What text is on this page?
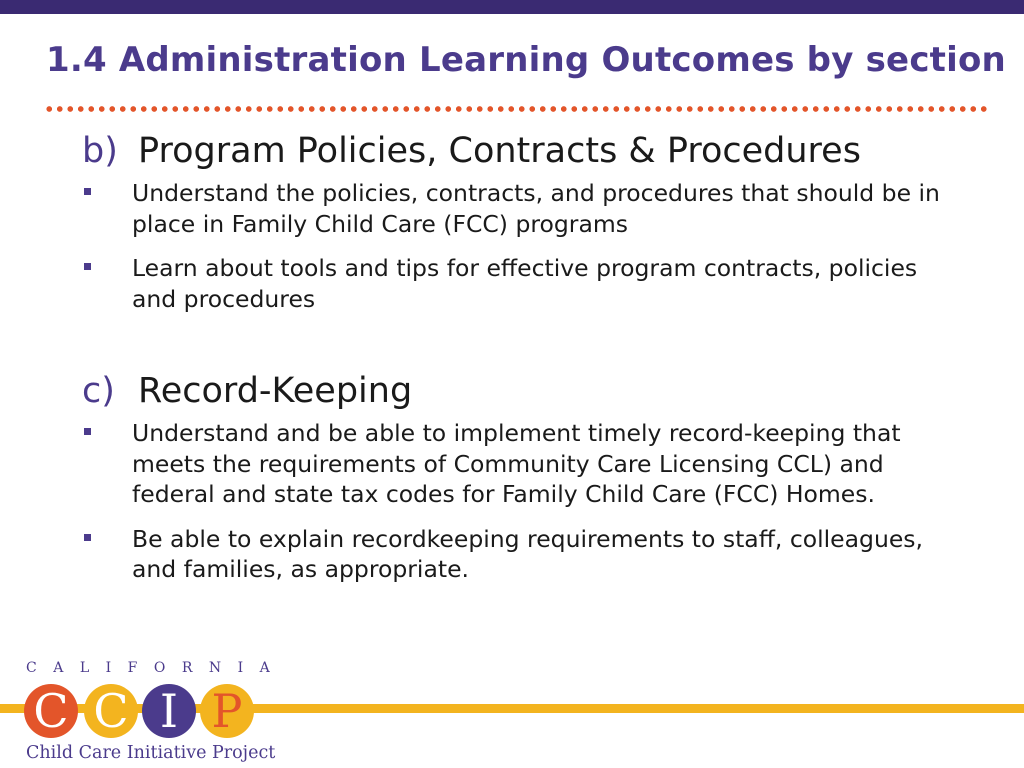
1.4 Administration Learning Outcomes by section
b) Program Policies, Contracts & Procedures
Understand the policies, contracts, and procedures that should be in place in Family Child Care (FCC) programs
Learn about tools and tips for effective program contracts, policies and procedures
c) Record-Keeping
Understand and be able to implement timely record-keeping that meets the requirements of Community Care Licensing CCL) and federal and state tax codes for Family Child Care (FCC) Homes.
Be able to explain recordkeeping requirements to staff, colleagues, and families, as appropriate.
CALIFORNIA
C C I P
Child Care Initiative Project
